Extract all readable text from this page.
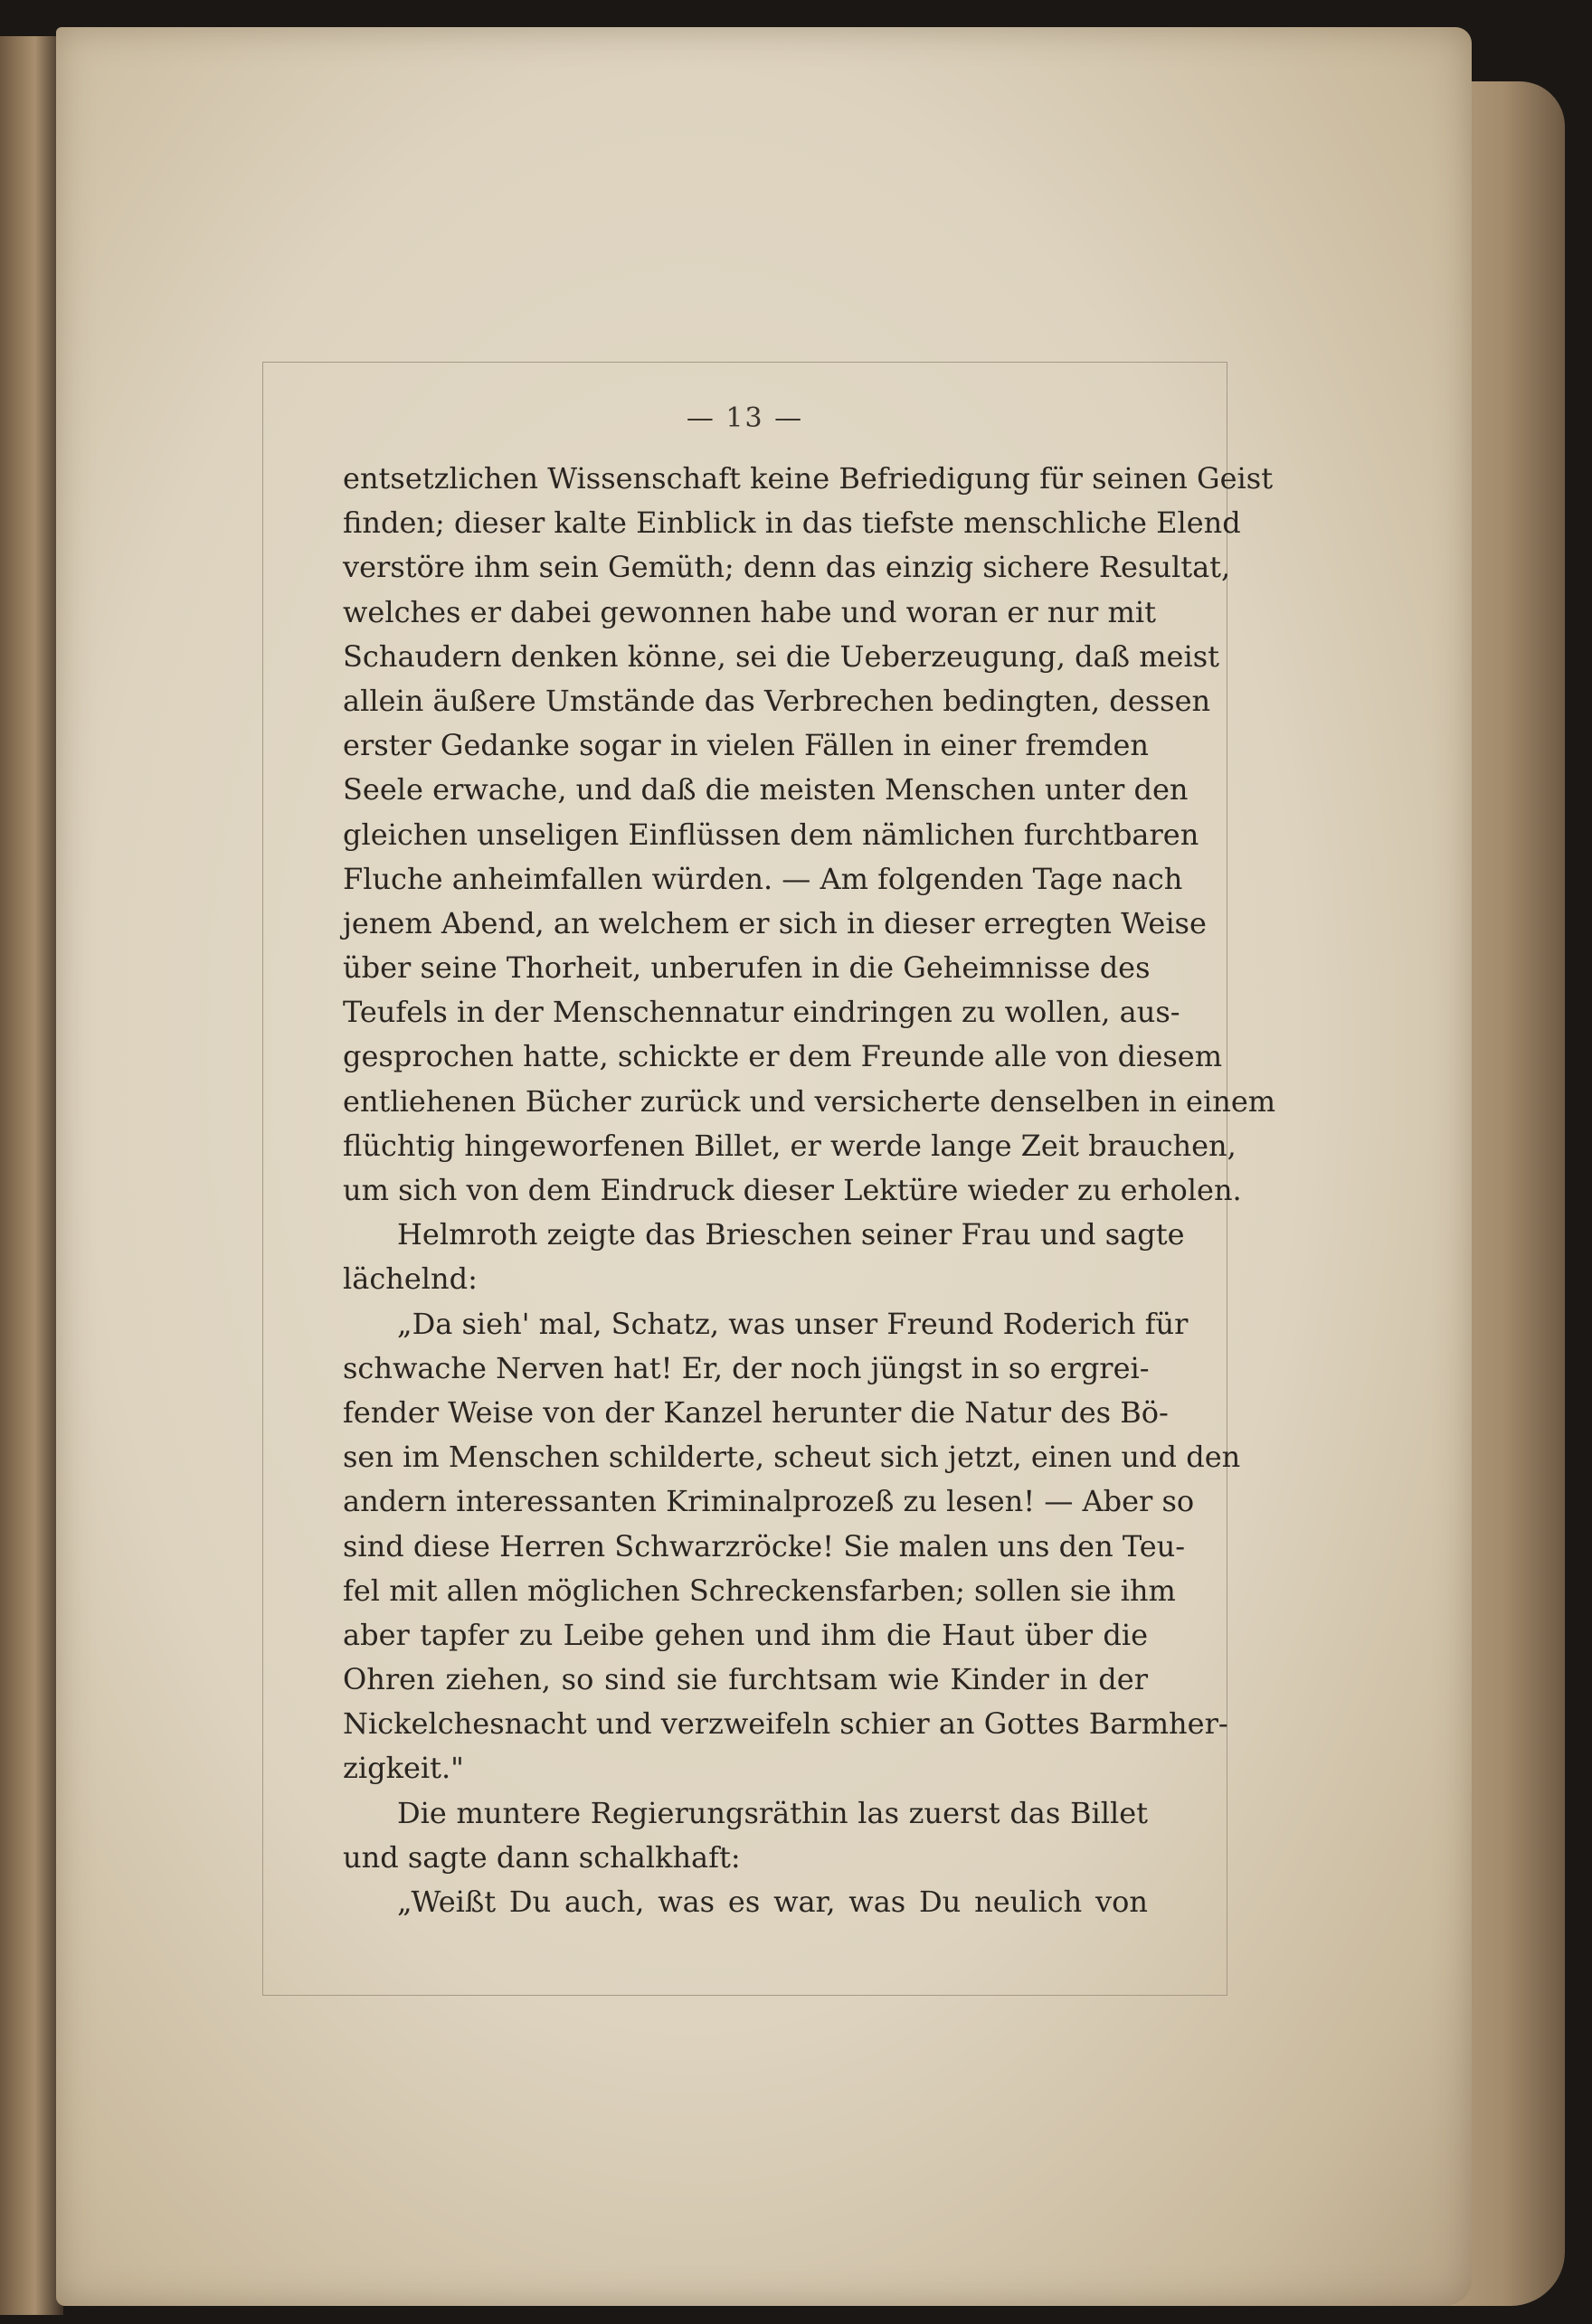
— 13 —
entsetzlichen Wissenschaft keine Befriedigung für seinen Geist
finden; dieser kalte Einblick in das tiefste menschliche Elend
verstöre ihm sein Gemüth; denn das einzig sichere Resultat,
welches er dabei gewonnen habe und woran er nur mit
Schaudern denken könne, sei die Ueberzeugung, daß meist
allein äußere Umstände das Verbrechen bedingten, dessen
erster Gedanke sogar in vielen Fällen in einer fremden
Seele erwache, und daß die meisten Menschen unter den
gleichen unseligen Einflüssen dem nämlichen furchtbaren
Fluche anheimfallen würden. — Am folgenden Tage nach
jenem Abend, an welchem er sich in dieser erregten Weise
über seine Thorheit, unberufen in die Geheimnisse des
Teufels in der Menschennatur eindringen zu wollen, aus-
gesprochen hatte, schickte er dem Freunde alle von diesem
entliehenen Bücher zurück und versicherte denselben in einem
flüchtig hingeworfenen Billet, er werde lange Zeit brauchen,
um sich von dem Eindruck dieser Lektüre wieder zu erholen.
Helmroth zeigte das Brieschen seiner Frau und sagte
lächelnd:
„Da sieh' mal, Schatz, was unser Freund Roderich für
schwache Nerven hat! Er, der noch jüngst in so ergrei-
fender Weise von der Kanzel herunter die Natur des Bö-
sen im Menschen schilderte, scheut sich jetzt, einen und den
andern interessanten Kriminalprozeß zu lesen! — Aber so
sind diese Herren Schwarzröcke! Sie malen uns den Teu-
fel mit allen möglichen Schreckensfarben; sollen sie ihm
aber tapfer zu Leibe gehen und ihm die Haut über die
Ohren ziehen, so sind sie furchtsam wie Kinder in der
Nickelchesnacht und verzweifeln schier an Gottes Barmher-
zigkeit."
Die muntere Regierungsräthin las zuerst das Billet
und sagte dann schalkhaft:
„Weißt Du auch, was es war, was Du neulich von
